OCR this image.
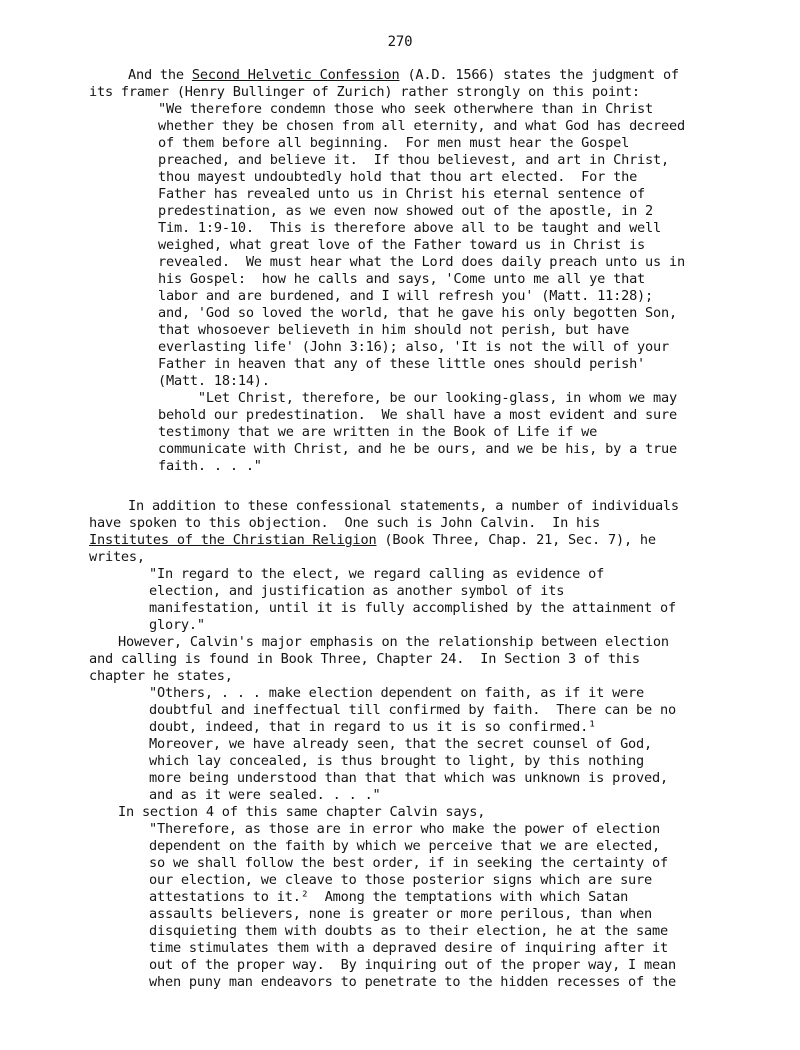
270
And the Second Helvetic Confession (A.D. 1566) states the judgment of
its framer (Henry Bullinger of Zurich) rather strongly on this point:
"We therefore condemn those who seek otherwhere than in Christ
whether they be chosen from all eternity, and what God has decreed
of them before all beginning.  For men must hear the Gospel
preached, and believe it.  If thou believest, and art in Christ,
thou mayest undoubtedly hold that thou art elected.  For the
Father has revealed unto us in Christ his eternal sentence of
predestination, as we even now showed out of the apostle, in 2
Tim. 1:9-10.  This is therefore above all to be taught and well
weighed, what great love of the Father toward us in Christ is
revealed.  We must hear what the Lord does daily preach unto us in
his Gospel:  how he calls and says, 'Come unto me all ye that
labor and are burdened, and I will refresh you' (Matt. 11:28);
and, 'God so loved the world, that he gave his only begotten Son,
that whosoever believeth in him should not perish, but have
everlasting life' (John 3:16); also, 'It is not the will of your
Father in heaven that any of these little ones should perish'
(Matt. 18:14).
"Let Christ, therefore, be our looking-glass, in whom we may
behold our predestination.  We shall have a most evident and sure
testimony that we are written in the Book of Life if we
communicate with Christ, and he be ours, and we be his, by a true
faith. . . ."
In addition to these confessional statements, a number of individuals
have spoken to this objection.  One such is John Calvin.  In his
Institutes of the Christian Religion (Book Three, Chap. 21, Sec. 7), he
writes,
"In regard to the elect, we regard calling as evidence of
election, and justification as another symbol of its
manifestation, until it is fully accomplished by the attainment of
glory."
However, Calvin's major emphasis on the relationship between election
and calling is found in Book Three, Chapter 24.  In Section 3 of this
chapter he states,
"Others, . . . make election dependent on faith, as if it were
doubtful and ineffectual till confirmed by faith.  There can be no
doubt, indeed, that in regard to us it is so confirmed.¹
Moreover, we have already seen, that the secret counsel of God,
which lay concealed, is thus brought to light, by this nothing
more being understood than that that which was unknown is proved,
and as it were sealed. . . ."
In section 4 of this same chapter Calvin says,
"Therefore, as those are in error who make the power of election
dependent on the faith by which we perceive that we are elected,
so we shall follow the best order, if in seeking the certainty of
our election, we cleave to those posterior signs which are sure
attestations to it.²  Among the temptations with which Satan
assaults believers, none is greater or more perilous, than when
disquieting them with doubts as to their election, he at the same
time stimulates them with a depraved desire of inquiring after it
out of the proper way.  By inquiring out of the proper way, I mean
when puny man endeavors to penetrate to the hidden recesses of the
